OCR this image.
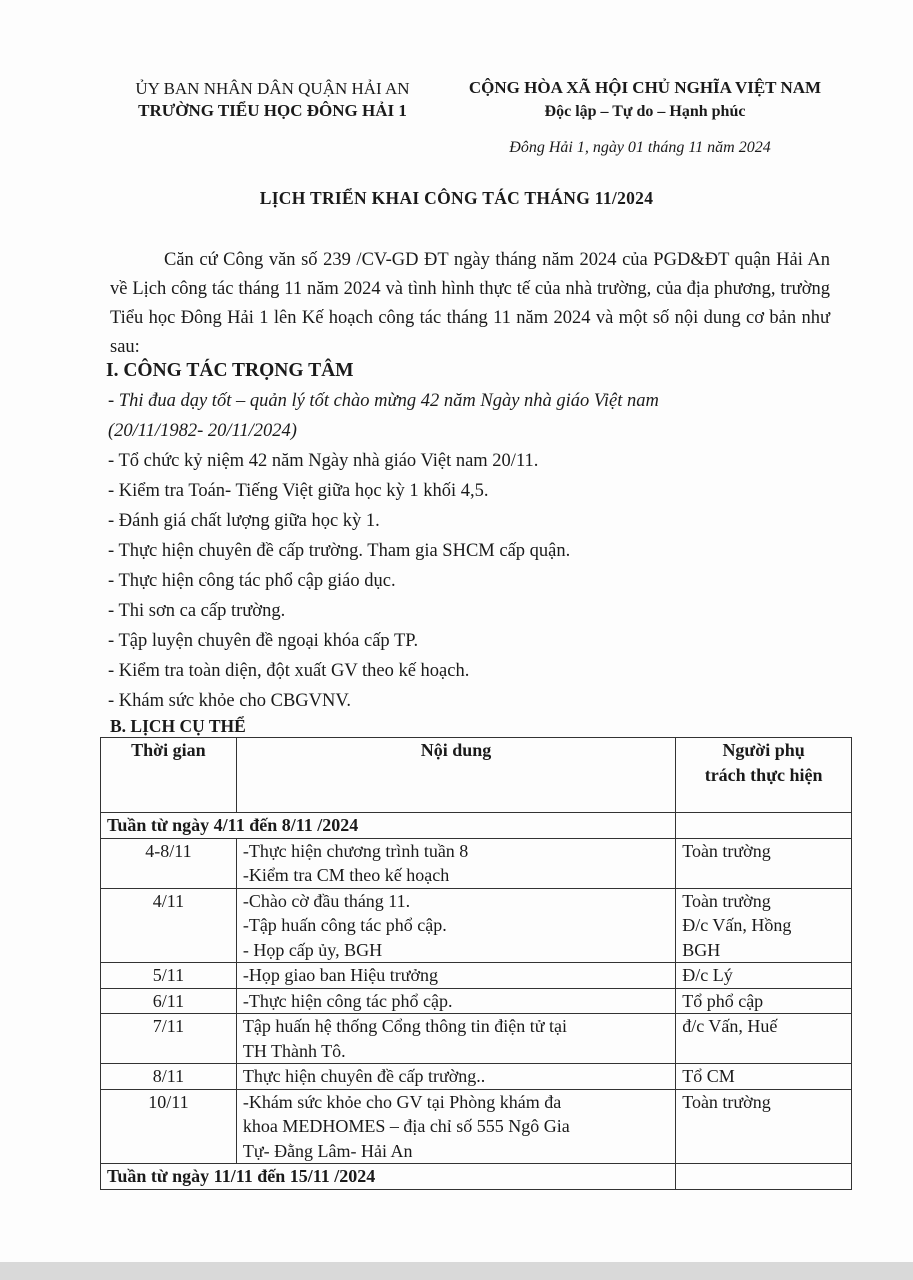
ỦY BAN NHÂN DÂN QUẬN HẢI AN
TRƯỜNG TIỂU HỌC ĐÔNG HẢI 1
CỘNG HÒA XÃ HỘI CHỦ NGHĨA VIỆT NAM
Độc lập – Tự do – Hạnh phúc
Đông Hải 1, ngày 01 tháng 11 năm 2024
LỊCH TRIỂN KHAI CÔNG TÁC THÁNG 11/2024

Căn cứ Công văn số 239 /CV-GD ĐT ngày tháng năm 2024 của PGD&ĐT quận Hải An về Lịch công tác tháng 11 năm 2024 và tình hình thực tế của nhà trường, của địa phương, trường Tiểu học Đông Hải 1 lên Kế hoạch công tác tháng 11 năm 2024 và một số nội dung cơ bản như sau:

I. CÔNG TÁC TRỌNG TÂM
- Thi đua dạy tốt – quản lý tốt chào mừng 42 năm Ngày nhà giáo Việt nam
(20/11/1982- 20/11/2024)
- Tổ chức kỷ niệm 42 năm Ngày nhà giáo Việt nam 20/11.
- Kiểm tra Toán- Tiếng Việt giữa học kỳ 1 khối 4,5.
- Đánh giá chất lượng giữa học kỳ 1.
- Thực hiện chuyên đề cấp trường. Tham gia SHCM cấp quận.
- Thực hiện công tác phổ cập giáo dục.
- Thi sơn ca cấp trường.
- Tập luyện chuyên đề ngoại khóa cấp TP.
- Kiểm tra toàn diện, đột xuất GV theo kế hoạch.
- Khám sức khỏe cho CBGVNV.
B. LỊCH CỤ THỂ
Thời gian	Nội dung	Người phụ
trách thực hiện

Tuần từ ngày 4/11 đến 8/11 /2024		
4-8/11	-Thực hiện chương trình tuần 8
-Kiểm tra CM theo kế hoạch	Toàn trường

4/11	-Chào cờ đầu tháng 11.
-Tập huấn công tác phổ cập.
- Họp cấp ủy, BGH	Toàn trường
Đ/c Vấn, Hồng
BGH

5/11	-Họp giao ban Hiệu trưởng	Đ/c Lý

6/11	-Thực hiện công tác phổ cập.	Tổ phổ cập

7/11	Tập huấn hệ thống Cổng thông tin điện tử tại
TH Thành Tô.	đ/c Vấn, Huế

8/11	Thực hiện chuyên đề cấp trường..	Tổ CM

10/11	-Khám sức khỏe cho GV tại Phòng khám đa
khoa MEDHOMES – địa chỉ số 555 Ngô Gia
Tự- Đằng Lâm- Hải An	Toàn trường

Tuần từ ngày 11/11 đến 15/11 /2024		
